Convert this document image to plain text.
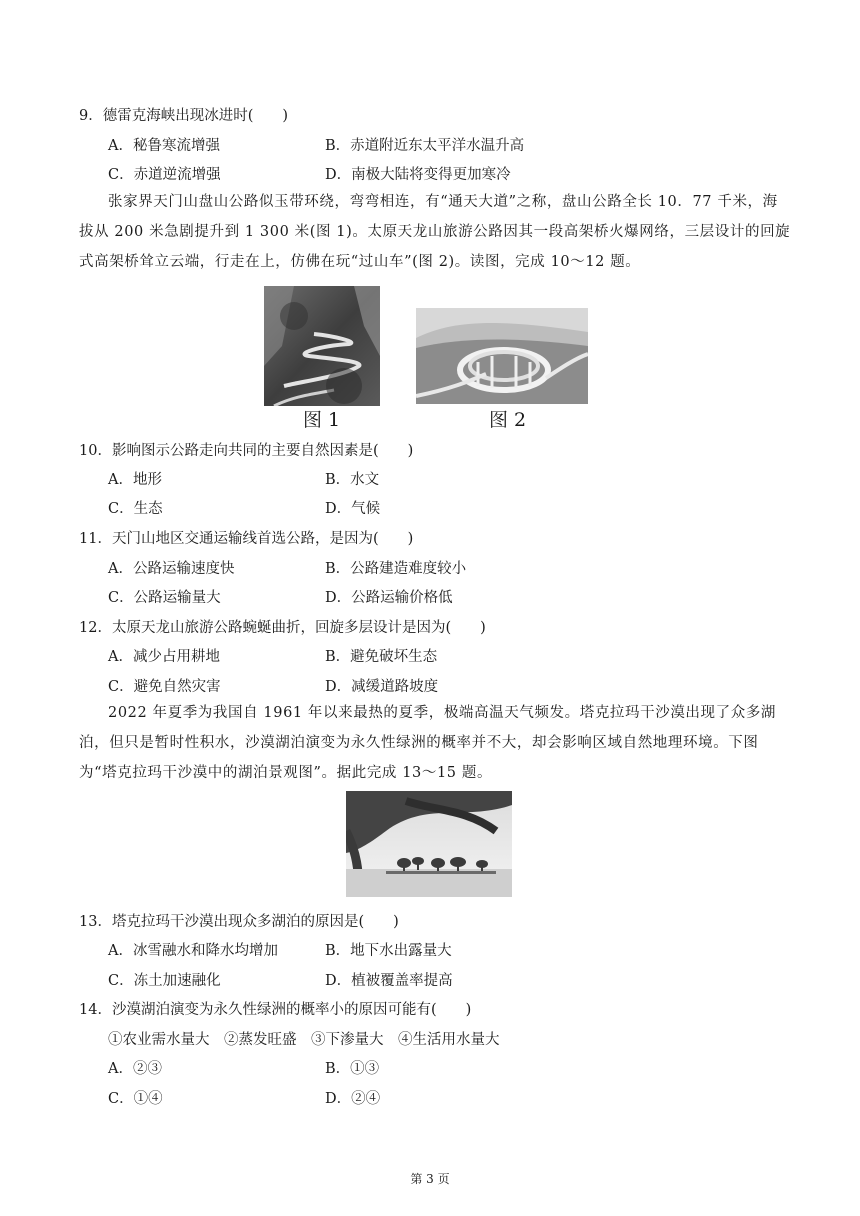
9．德雷克海峡出现冰进时(　　)
A．秘鲁寒流增强	B．赤道附近东太平洋水温升高
C．赤道逆流增强	D．南极大陆将变得更加寒冷
张家界天门山盘山公路似玉带环绕，弯弯相连，有“通天大道”之称，盘山公路全长 10．77 千米，海拔从 200 米急剧提升到 1 300 米(图 1)。太原天龙山旅游公路因其一段高架桥火爆网络，三层设计的回旋式高架桥耸立云端，行走在上，仿佛在玩“过山车”(图 2)。读图，完成 10～12 题。
图 1	图 2
10．影响图示公路走向共同的主要自然因素是(　　)
A．地形	B．水文
C．生态	D．气候
11．天门山地区交通运输线首选公路，是因为(　　)
A．公路运输速度快	B．公路建造难度较小
C．公路运输量大	D．公路运输价格低
12．太原天龙山旅游公路蜿蜒曲折，回旋多层设计是因为(　　)
A．减少占用耕地	B．避免破坏生态
C．避免自然灾害	D．减缓道路坡度
2022 年夏季为我国自 1961 年以来最热的夏季，极端高温天气频发。塔克拉玛干沙漠出现了众多湖泊，但只是暂时性积水，沙漠湖泊演变为永久性绿洲的概率并不大，却会影响区域自然地理环境。下图为“塔克拉玛干沙漠中的湖泊景观图”。据此完成 13～15 题。
13．塔克拉玛干沙漠出现众多湖泊的原因是(　　)
A．冰雪融水和降水均增加	B．地下水出露量大
C．冻土加速融化	D．植被覆盖率提高
14．沙漠湖泊演变为永久性绿洲的概率小的原因可能有(　　)
①农业需水量大　②蒸发旺盛　③下渗量大　④生活用水量大
A．②③	B．①③
C．①④	D．②④
第 3 页
